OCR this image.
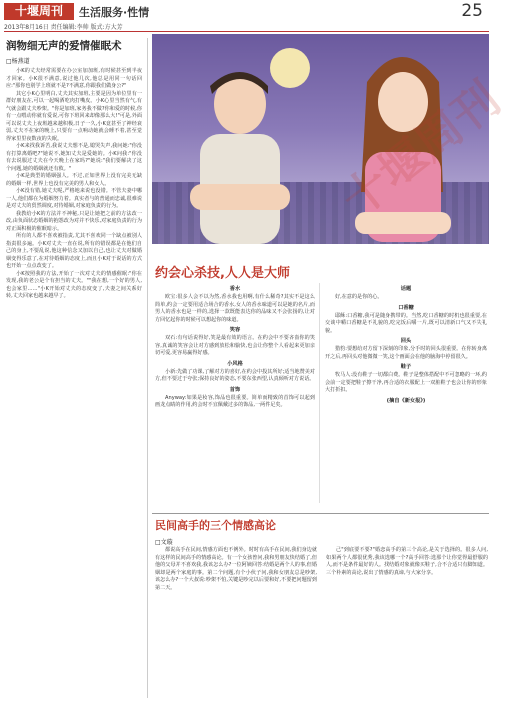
十堰周刊	生活服务·性情	25
2013年8月16日 责任编辑:李帅 版式:方大芳
润物细无声的爱情催眠术
□杨燕道

小K的丈夫经常需要在办公室加加班,有时候甚至到半夜才回家。小K很不满意,说过他几次,他总是用同一句话回应:"那你也别学上班就不是?不满意,你跟我们做身公?"

其它小K心里明白,丈夫其实加班,主要是因为单位里有一群好朋友在,可以一起喝酒吃肉打嘴皮。小K心里当然有气,有气就会跟丈夫吵架。"你是加班,家务我不做?你和爱的时候,你有一点喂动你就有爱说,可你下班回来却像那么大!"可是,外面可以说丈夫上夜班越来越积极,日子一久,小K竟甚至了神经衰弱,丈夫不在家的晚上,只要有一点响动她就会睡不着,甚至觉得家里里夜数夜的失眠。

小K来找我诉苦,我说丈夫想不是,媳哭失声,我问她:"你没有打算离婚吧?"她说不,她知丈夫是爱她的。小K问我:"你没有去说服过丈夫在今天晚上在家吗?"她说:"我们要解决了这个问题,她的婚姻就还有救。"

小K是典型的婚姻强人。不过,正如世界上没有完美无缺的婚姻一样,世界上也没有完美的男人和女人。

小K没有错,她丈夫呢,严格地来说也没错。不管夫妻中哪一人,他们都在为婚姻努力着。真实者与的普通而忠诚,很难说是对丈夫的贸然调度,对待婚姻,对家庭负责的行为。

我教给小K的方法并不神秘,只是让她把之前的方法改一改,由负面状态婚姻的抱怨改为对并不快乐,对家庭负责的行为对正面积极的催眠暗示。

所有的人都不喜欢被指责,尤其不喜欢同一个缺点被别人指责很多遍。小K对丈夫一直在说,所有的错误都是在他们自己的身上,不要乱说,他这种信念又加以自己,也让丈夫对做婚姻变得乐意了,在对待婚姻的态度上,而且小K对于说话的方式也开始一点点改变了。

小K按照我的方法,开始了一次对丈夫的情感催眠:"你在发现,我的老公是个有担当的丈夫。""我在想,一个好的男人,也会家里……"小K开始对丈夫的态度变了,夫妻之间关系好转,丈夫回家也越来越早了。

约会心杀技,人人是大师
香水

欧宝:很多人会不以为然,香水我也用啊,有什么稀奇?其实不是这么简单,约会一定要用适合场合的香水,女人的香水味道可以是她的名片,而男人的香水也是一样的,选择一款既能表达你的品味又不会张扬的,让对方回忆起你的时候可以想起你的味道。

笑容

双石:有句话说得好,笑是最有效的语言。在约会中不要吝啬你的笑容,真诚的笑容会让对方感到放松和愉快,也会让你整个人看起来更加亲切可爱,更容易赢得好感。

小风格

小新:先做了功课,了解对方的喜好,在约会中投其所好;适当地赞美对方,但不要过于夸张;保持良好的姿态,不要东张西望,认真倾听对方说话。

首饰

Anyway:如果是妆容,饰品也很重要。简单而精致的首饰可以起到画龙点睛的作用,约会时不宜佩戴过多的饰品,一两件足矣。

话题

好,在意的是你的心。

口香糖

耶稣:口香糖,我可是随身携带的。当然,吃口香糖的时机也很重要,在交谈中嚼口香糖是不礼貌的,吃完饭后嚼一片,既可以清新口气又不失礼貌。

回头

猎豹:要想给对方留下深刻的印象,分手时的回头很重要。在你转身离开之后,再回头对他微微一笑,这个画面会在他的脑海中停留很久。

鞋子

牧马人:没有鞋子一切都白费。鞋子是整体搭配中不可忽略的一环,约会前一定要把鞋子擦干净,再合适的衣服配上一双脏鞋子也会让你的形象大打折扣。

(摘自《新女报》)
民间高手的三个情感高论
□文璇

都说高手在民间,情感方面也不例外。时时有高手在民间,我们身边就有这样的民间高手的情感高论。有一个女孩曾问,我和男朋友快结婚了,但他的父母并不喜欢我,我该怎么办?一位阿姨回答:结婚是两个人的事,但婚姻却是两个家庭的事。第二个问题,有个小伙子问,我和女朋友总是吵架,该怎么办?一个大叔说:吵架不怕,关键是吵完以后要和好,不要把问题留到第二天。

己"到底要不要?"婚恋高手的第三个高论,是关于选择的。很多人问,如果两个人都很优秀,我该选哪一个?高手回答:选那个让你觉得最舒服的人,而不是条件最好的人。找结婚对象就像买鞋子,合不合适只有脚知道。三个朴素的高论,说出了情感的真谛,与大家分享。
